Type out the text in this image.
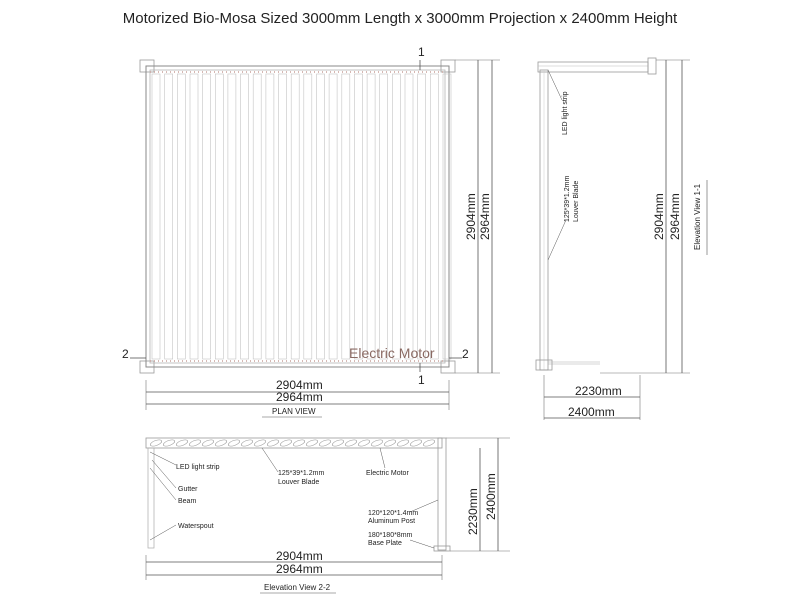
Motorized Bio-Mosa Sized 3000mm Length x 3000mm Projection x 2400mm Height
1
1
2	2
Electric Motor
2904mm
2964mm
PLAN VIEW
2904mm 2964mm
LED light strip
125*39*1.2mm Louver Blade	2904mm 2964mm Elevation View 1-1
2230mm
2400mm
LED light strip
125*39*1.2mm
Louver Blade
Electric Motor
Gutter
Beam
Waterspout
120*120*1.4mm
Aluminum Post
180*180*8mm
Base Plate
2230mm 2400mm
2904mm
2964mm
Elevation View 2-2
